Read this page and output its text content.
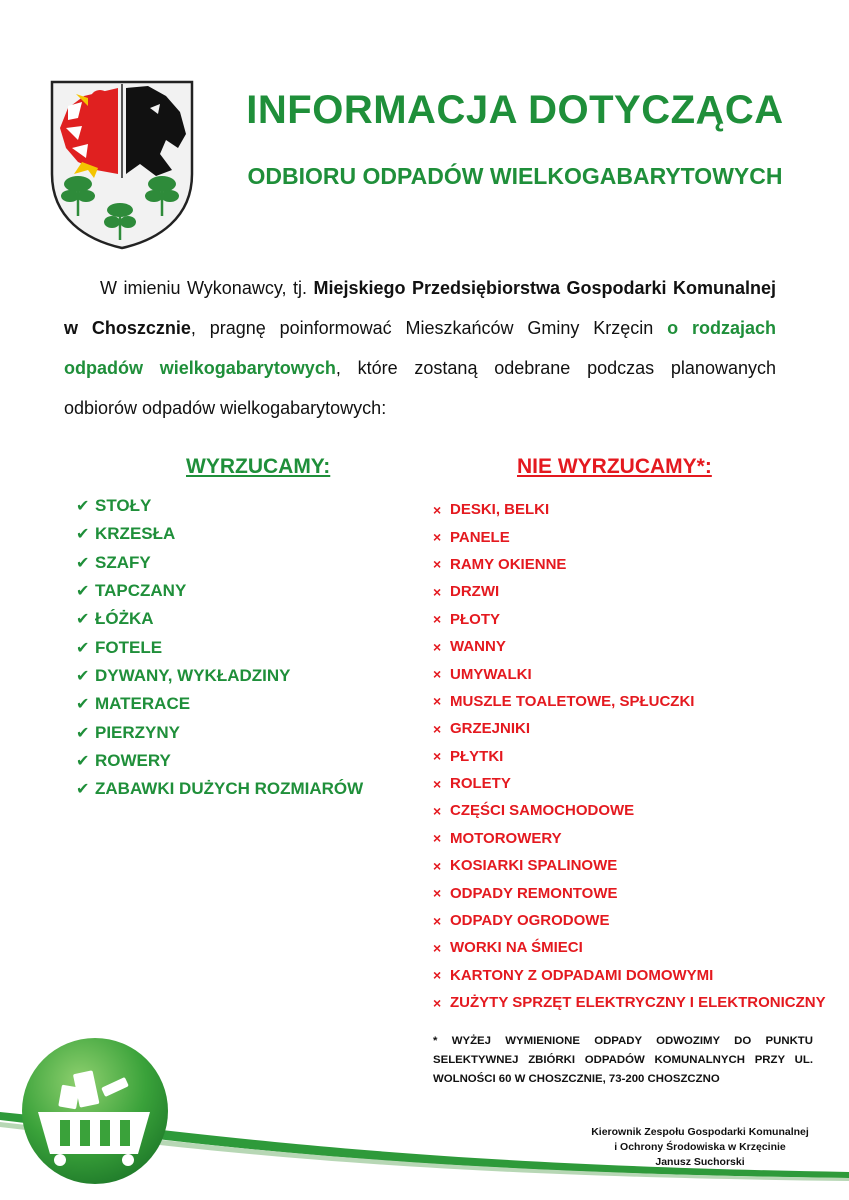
INFORMACJA DOTYCZĄCA
ODBIORU ODPADÓW WIELKOGABARYTOWYCH
W imieniu Wykonawcy, tj. Miejskiego Przedsiębiorstwa Gospodarki Komunalnej w Choszcznie, pragnę poinformować Mieszkańców Gminy Krzęcin o rodzajach odpadów wielkogabarytowych, które zostaną odebrane podczas planowanych odbiorów odpadów wielkogabarytowych:
WYRZUCAMY:	NIE WYRZUCAMY*:
✔ STOŁY
✔ KRZESŁA
✔ SZAFY
✔ TAPCZANY
✔ ŁÓŻKA
✔ FOTELE
✔ DYWANY, WYKŁADZINY
✔ MATERACE
✔ PIERZYNY
✔ ROWERY
✔ ZABAWKI DUŻYCH ROZMIARÓW
× DESKI, BELKI
× PANELE
× RAMY OKIENNE
× DRZWI
× PŁOTY
× WANNY
× UMYWALKI
× MUSZLE TOALETOWE, SPŁUCZKI
× GRZEJNIKI
× PŁYTKI
× ROLETY
× CZĘŚCI SAMOCHODOWE
× MOTOROWERY
× KOSIARKI SPALINOWE
× ODPADY REMONTOWE
× ODPADY OGRODOWE
× WORKI NA ŚMIECI
× KARTONY Z ODPADAMI DOMOWYMI
× ZUŻYTY SPRZĘT ELEKTRYCZNY I ELEKTRONICZNY
* WYŻEJ WYMIENIONE ODPADY ODWOZIMY DO PUNKTU SELEKTYWNEJ ZBIÓRKI ODPADÓW KOMUNALNYCH PRZY UL. WOLNOŚCI 60 W CHOSZCZNIE, 73-200 CHOSZCZNO
Kierownik Zespołu Gospodarki Komunalnej
i Ochrony Środowiska w Krzęcinie
Janusz Suchorski
